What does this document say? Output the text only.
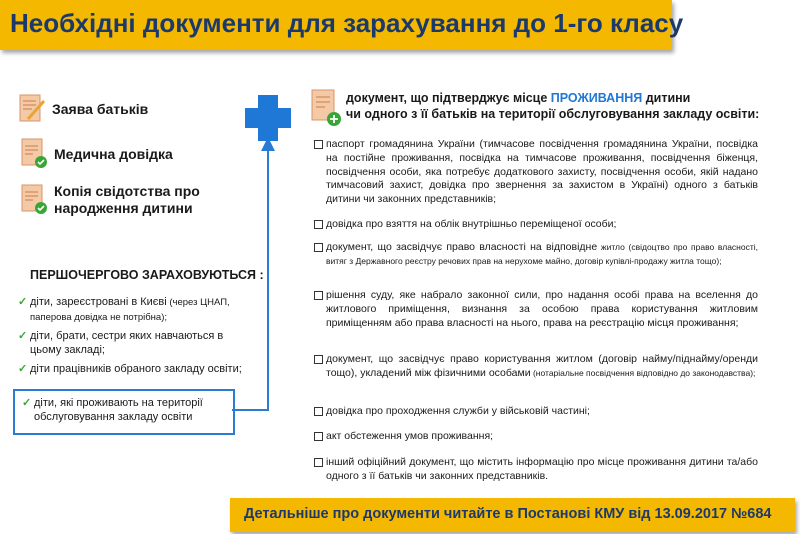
Необхідні документи для зарахування до 1-го класу
Заява батьків
Медична довідка
Копія свідотства про
народження дитини
ПЕРШОЧЕРГОВО ЗАРАХОВУЮТЬСЯ :
✓ діти, зареєстровані в Києві (через ЦНАП, паперова довідка не потрібна);
✓ діти, брати, сестри яких навчаються в цьому закладі;
✓ діти працівників обраного закладу освіти;
✓ діти, які проживають на території обслуговування закладу освіти
документ, що підтверджує місце ПРОЖИВАННЯ дитини
чи одного з її батьків на території обслуговування закладу освіти:
паспорт громадянина України (тимчасове посвідчення громадянина України, посвідка на постійне проживання, посвідка на тимчасове проживання, посвідчення біженця, посвідчення особи, яка потребує додаткового захисту, посвідчення особи, якій надано тимчасовий захист, довідка про звернення за захистом в Україні) одного з батьків дитини чи законних представників;
довідка про взяття на облік внутрішньо переміщеної особи;
документ, що засвідчує право власності на відповідне житло (свідоцтво про право власності, витяг з Державного реєстру речових прав на нерухоме майно, договір купівлі-продажу житла тощо);
рішення суду, яке набрало законної сили, про надання особі права на вселення до житлового приміщення, визнання за особою права користування житловим приміщенням або права власності на нього, права на реєстрацію місця проживання;
документ, що засвідчує право користування житлом (договір найму/піднайму/оренди тощо), укладений між фізичними особами (нотаріальне посвідчення відповідно до законодавства);
довідка про проходження служби у військовій частині;
акт обстеження умов проживання;
інший офіційний документ, що містить інформацію про місце проживання дитини та/або одного з її батьків чи законних представників.
Детальніше про документи читайте в Постанові КМУ від 13.09.2017 №684
